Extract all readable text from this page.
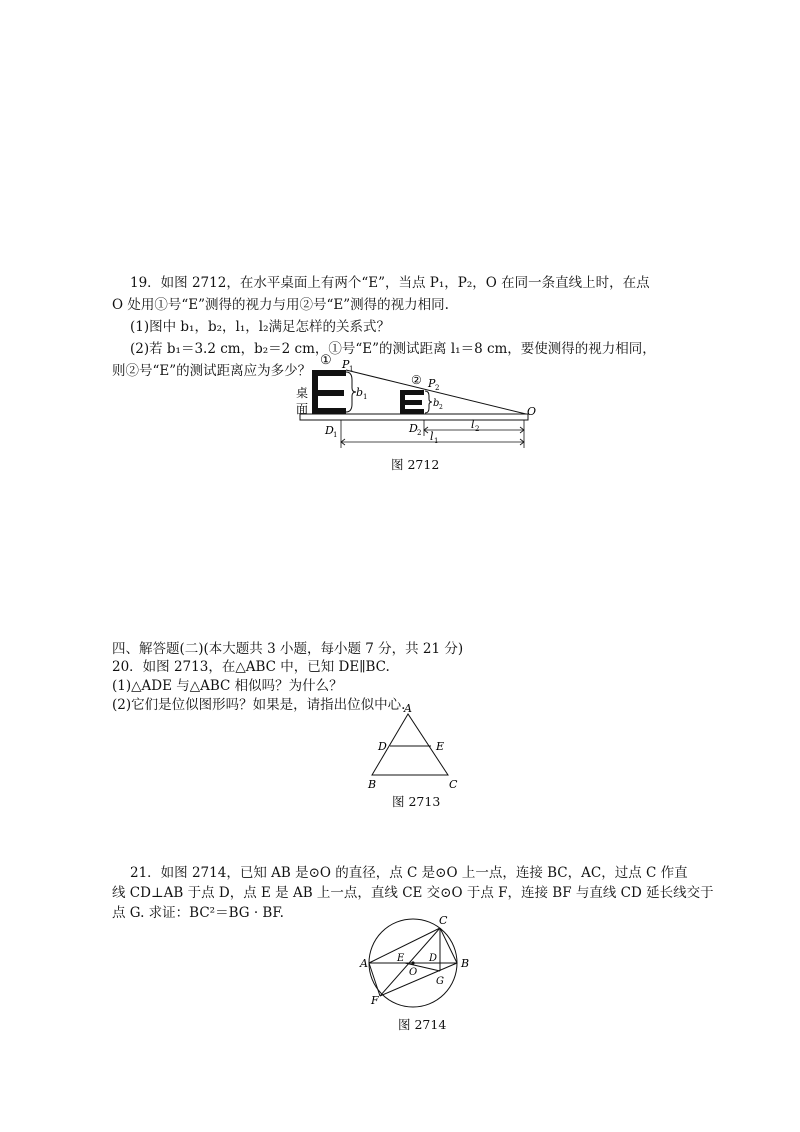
19．如图 2712，在水平桌面上有两个“E”，当点 P₁，P₂，O 在同一条直线上时，在点
O 处用①号“E”测得的视力与用②号“E”测得的视力相同.
(1)图中 b₁，b₂，l₁，l₂满足怎样的关系式？
(2)若 b₁＝3.2 cm，b₂＝2 cm，①号“E”的测试距离 l₁＝8 cm，要使测得的视力相同，
则②号“E”的测试距离应为多少？
①
②
桌
面
P 1
P 2
b 1
b 2	O
D 1	D 2
l 2
l 1
图 2712
四、解答题(二)(本大题共 3 小题，每小题 7 分，共 21 分)
20．如图 2713，在△ABC 中，已知 DE∥BC.
(1)△ADE 与△ABC 相似吗？为什么？
(2)它们是位似图形吗？如果是，请指出位似中心.
A
D	E
B	C
图 2713
21．如图 2714，已知 AB 是⊙O 的直径，点 C 是⊙O 上一点，连接 BC，AC，过点 C 作直
线 CD⊥AB 于点 D，点 E 是 AB 上一点，直线 CE 交⊙O 于点 F，连接 BF 与直线 CD 延长线交于
点 G. 求证：BC²＝BG · BF.
A	B
C
D
E
F
G
O
图 2714
